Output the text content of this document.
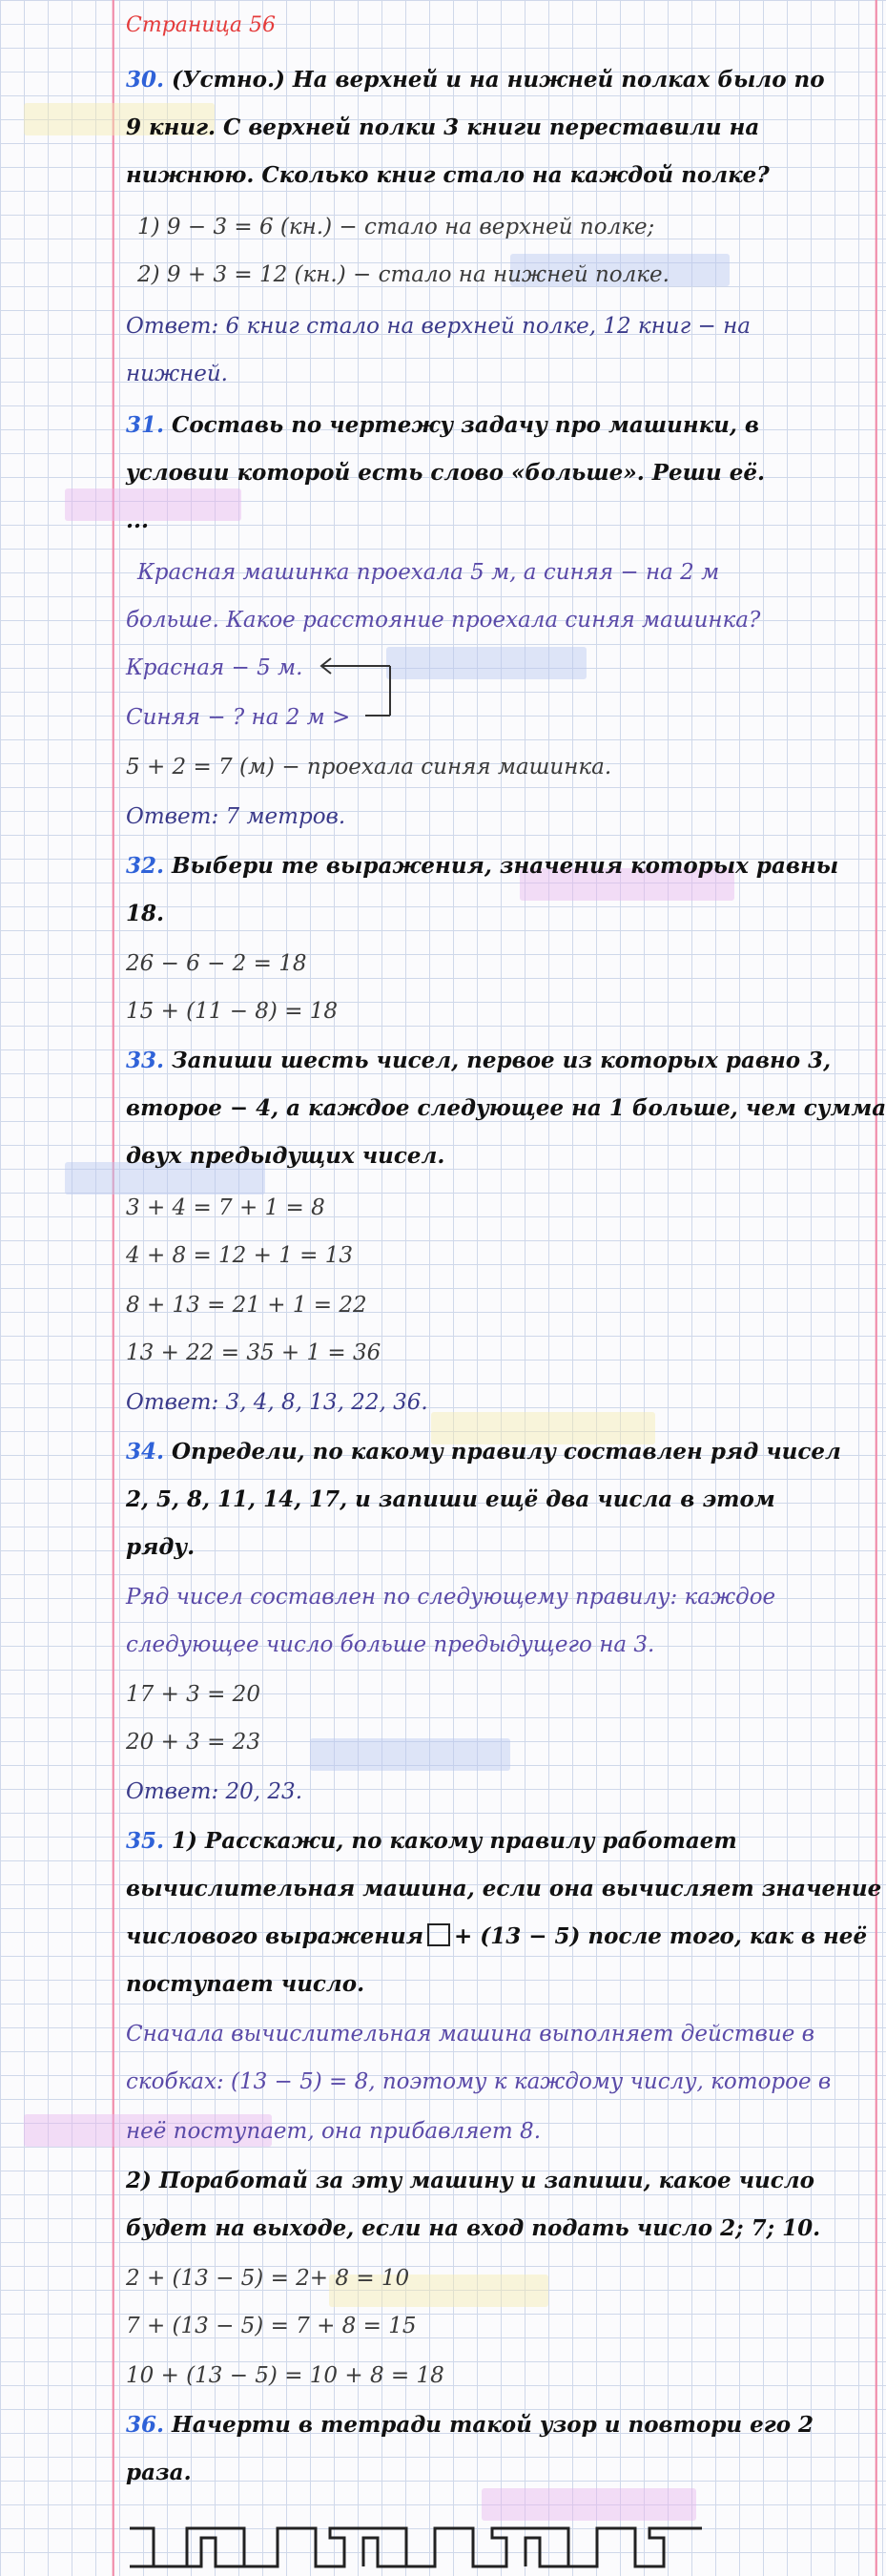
Страница 56
30. (Устно.) На верхней и на нижней полках было по
9 книг. С верхней полки 3 книги переставили на
нижнюю. Сколько книг стало на каждой полке?
1) 9 − 3 = 6 (кн.) − стало на верхней полке;
2) 9 + 3 = 12 (кн.) − стало на нижней полке.
Ответ: 6 книг стало на верхней полке, 12 книг − на
нижней.
31. Составь по чертежу задачу про машинки, в
условии которой есть слово «больше». Реши её.
...
Красная машинка проехала 5 м, а синяя − на 2 м
больше. Какое расстояние проехала синяя машинка?
Красная − 5 м.
Синяя − ? на 2 м >
5 + 2 = 7 (м) − проехала синяя машинка.
Ответ: 7 метров.
32. Выбери те выражения, значения которых равны
18.
26 − 6 − 2 = 18
15 + (11 − 8) = 18
33. Запиши шесть чисел, первое из которых равно 3,
второе − 4, а каждое следующее на 1 больше, чем сумма
двух предыдущих чисел.
3 + 4 = 7 + 1 = 8
4 + 8 = 12 + 1 = 13
8 + 13 = 21 + 1 = 22
13 + 22 = 35 + 1 = 36
Ответ: 3, 4, 8, 13, 22, 36.
34. Определи, по какому правилу составлен ряд чисел
2, 5, 8, 11, 14, 17, и запиши ещё два числа в этом
ряду.
Ряд чисел составлен по следующему правилу: каждое
следующее число больше предыдущего на 3.
17 + 3 = 20
20 + 3 = 23
Ответ: 20, 23.
35. 1) Расскажи, по какому правилу работает
вычислительная машина, если она вычисляет значение
числового выражения + (13 − 5) после того, как в неё
поступает число.
Сначала вычислительная машина выполняет действие в
скобках: (13 − 5) = 8, поэтому к каждому числу, которое в
неё поступает, она прибавляет 8.
2) Поработай за эту машину и запиши, какое число
будет на выходе, если на вход подать число 2; 7; 10.
2 + (13 − 5) = 2+ 8 = 10
7 + (13 − 5) = 7 + 8 = 15
10 + (13 − 5) = 10 + 8 = 18
36. Начерти в тетради такой узор и повтори его 2
раза.
